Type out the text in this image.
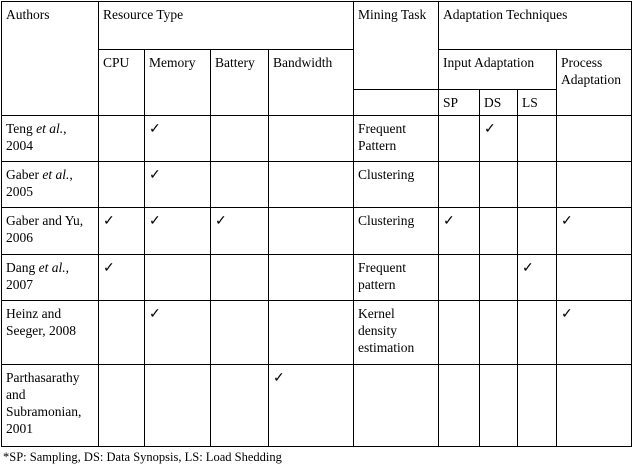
Authors	Resource Type				Mining Task	Adaptation Techniques			
	CPU	Memory	Battery	Bandwidth		Input Adaptation			Process Adaptation
						SP	DS	LS	
Teng et al., 2004		✓			Frequent Pattern		✓		
Gaber et al., 2005		✓			Clustering				
Gaber and Yu, 2006	✓	✓	✓		Clustering	✓			✓
Dang et al., 2007	✓				Frequent pattern			✓	
Heinz and Seeger, 2008		✓			Kernel density estimation				✓
Parthasarathy and Subramonian, 2001				✓					
*SP: Sampling, DS: Data Synopsis, LS: Load Shedding
